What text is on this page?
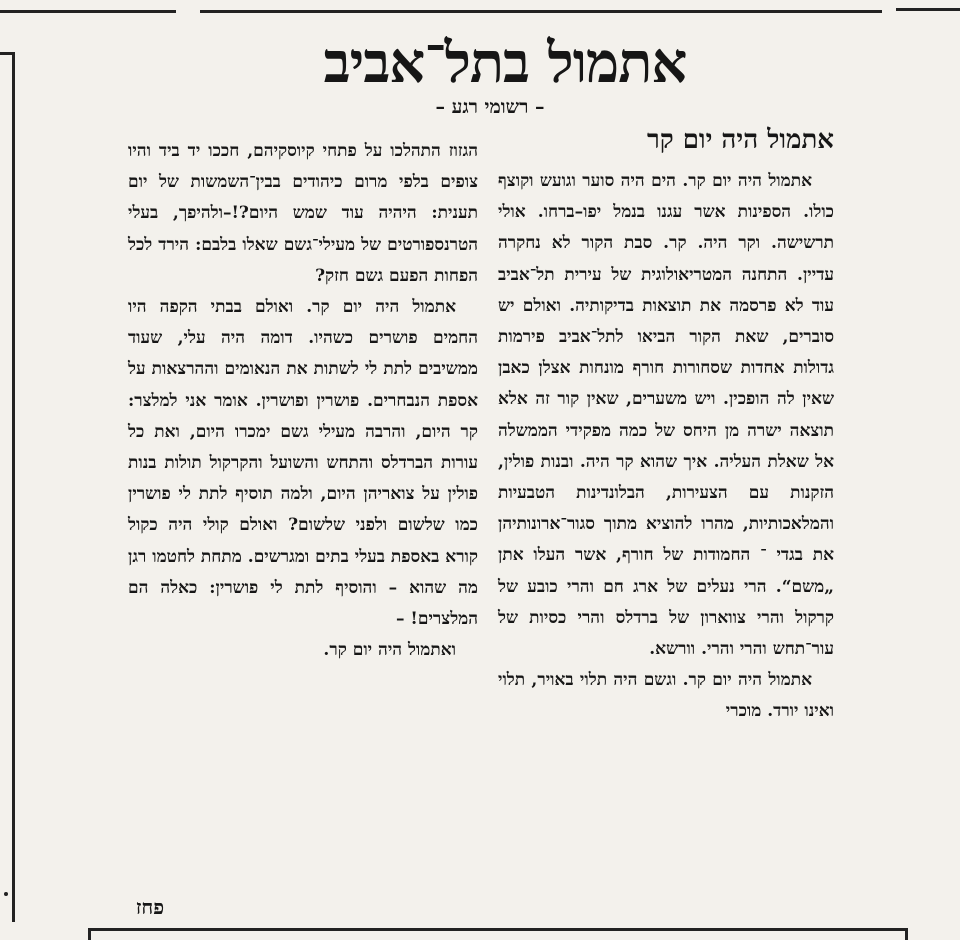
אתמול בתל־אביב
– רשומי רגע –
אתמול היה יום קר

אתמול היה יום קר. הים היה סוער וגועש וקוצף כולו. הספינות אשר עגנו בנמל יפו–ברחו. אולי תרשישה. וקר היה. קר. סבת הקור לא נחקרה עדיין. התחנה המטריאולוגית של עירית תל־אביב עוד לא פרסמה את תוצאות בדיקותיה. ואולם יש סוברים, שאת הקור הביאו לתל־אביב פירמות גדולות אחדות שסחורות חורף מונחות אצלן כאבן שאין לה הופכין. ויש משערים, שאין קור זה אלא תוצאה ישרה מן היחס של כמה מפקידי הממשלה אל שאלת העליה. איך שהוא קר היה. ובנות פולין, הזקנות עם הצעירות, הבלונדינות הטבעיות והמלאכותיות, מהרו להוציא מתוך סגור־ארונותיהן את בגדי ־ החמודות של חורף, אשר העלו אתן „משם“. הרי נעלים של ארג חם והרי כובע של קרקול והרי צווארון של ברדלס והרי כסיות של עור־תחש והרי והרי. וורשא.

אתמול היה יום קר. וגשם היה תלוי באויר, תלוי ואינו יורד. מוכרי

הגזוז התהלכו על פתחי קיוסקיהם, חככו יד ביד והיו צופים בלפי מרום כיהודים בבין־השמשות של יום תענית: היהיה עוד שמש היום?!–ולהיפך, בעלי הטרנספורטים של מעילי־גשם שאלו בלבם: הירד לכל הפחות הפעם גשם חזק?

אתמול היה יום קר. ואולם בבתי הקפה היו החמים פושרים כשהיו. דומה היה עלי, שעוד ממשיבים לתת לי לשתות את הנאומים וההרצאות על אספת הנבחרים. פושרין ופושרין. אומר אני למלצר: קר היום, והרבה מעילי גשם ימכרו היום, ואת כל עורות הברדלס והתחש והשועל והקרקול תולות בנות פולין על צואריהן היום, ולמה תוסיף לתת לי פושרין כמו שלשום ולפני שלשום? ואולם קולי היה כקול קורא באספת בעלי בתים ומגרשים. מתחת לחטמו רגן מה שהוא – והוסיף לתת לי פושרין: כאלה הם המלצרים! –

ואתמול היה יום קר.

פחז
